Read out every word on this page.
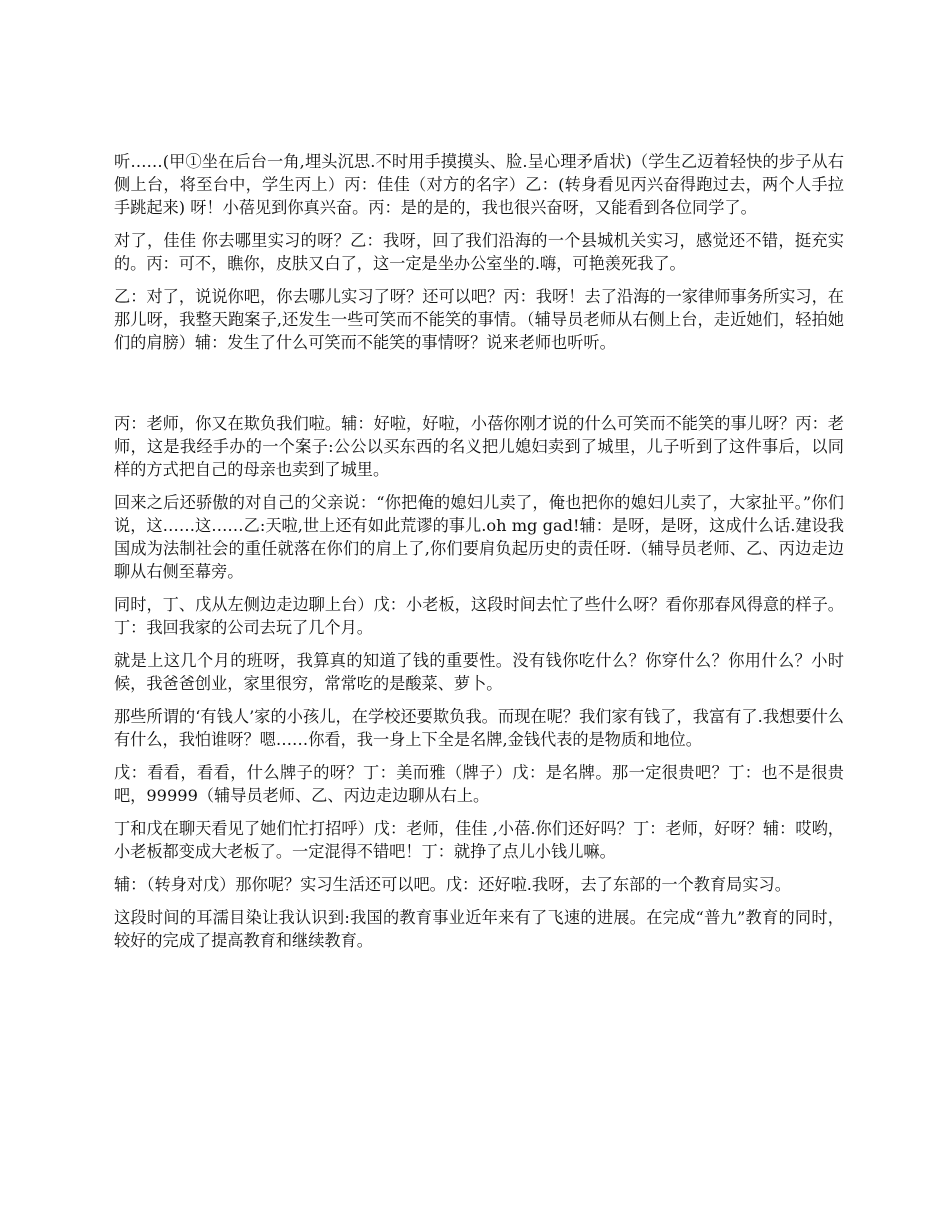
听……(甲①坐在后台一角,埋头沉思.不时用手摸摸头、脸.呈心理矛盾状)（学生乙迈着轻快的步子从右侧上台，将至台中，学生丙上）丙：佳佳（对方的名字）乙：(转身看见丙兴奋得跑过去，两个人手拉手跳起来) 呀！小蓓见到你真兴奋。丙：是的是的，我也很兴奋呀，又能看到各位同学了。

对了，佳佳 你去哪里实习的呀？乙：我呀，回了我们沿海的一个县城机关实习，感觉还不错，挺充实的。丙：可不，瞧你，皮肤又白了，这一定是坐办公室坐的.嗨，可艳羡死我了。

乙：对了，说说你吧，你去哪儿实习了呀？还可以吧？丙：我呀！去了沿海的一家律师事务所实习，在那儿呀，我整天跑案子,还发生一些可笑而不能笑的事情。（辅导员老师从右侧上台，走近她们，轻拍她们的肩膀）辅：发生了什么可笑而不能笑的事情呀？说来老师也听听。

丙：老师，你又在欺负我们啦。辅：好啦，好啦，小蓓你刚才说的什么可笑而不能笑的事儿呀？丙：老师，这是我经手办的一个案子:公公以买东西的名义把儿媳妇卖到了城里，儿子听到了这件事后，以同样的方式把自己的母亲也卖到了城里。

回来之后还骄傲的对自己的父亲说：“你把俺的媳妇儿卖了，俺也把你的媳妇儿卖了，大家扯平。”你们说，这……这……乙:天啦,世上还有如此荒谬的事儿.oh mg gad!辅：是呀，是呀，这成什么话.建设我国成为法制社会的重任就落在你们的肩上了,你们要肩负起历史的责任呀.（辅导员老师、乙、丙边走边聊从右侧至幕旁。

同时，丁、戊从左侧边走边聊上台）戊：小老板，这段时间去忙了些什么呀？看你那春风得意的样子。丁：我回我家的公司去玩了几个月。

就是上这几个月的班呀，我算真的知道了钱的重要性。没有钱你吃什么？你穿什么？你用什么？小时候，我爸爸创业，家里很穷，常常吃的是酸菜、萝卜。

那些所谓的‘有钱人’家的小孩儿，在学校还要欺负我。而现在呢？我们家有钱了，我富有了.我想要什么有什么，我怕谁呀？嗯……你看，我一身上下全是名牌,金钱代表的是物质和地位。

戊：看看，看看，什么牌子的呀？丁：美而雅（牌子）戊：是名牌。那一定很贵吧？丁：也不是很贵吧，99999（辅导员老师、乙、丙边走边聊从右上。

丁和戊在聊天看见了她们忙打招呼）戊：老师，佳佳 ,小蓓.你们还好吗？丁：老师，好呀？辅：哎哟，小老板都变成大老板了。一定混得不错吧！丁：就挣了点儿小钱儿嘛。

辅：（转身对戊）那你呢？实习生活还可以吧。戊：还好啦.我呀，去了东部的一个教育局实习。

这段时间的耳濡目染让我认识到:我国的教育事业近年来有了飞速的进展。在完成“普九”教育的同时，较好的完成了提高教育和继续教育。
